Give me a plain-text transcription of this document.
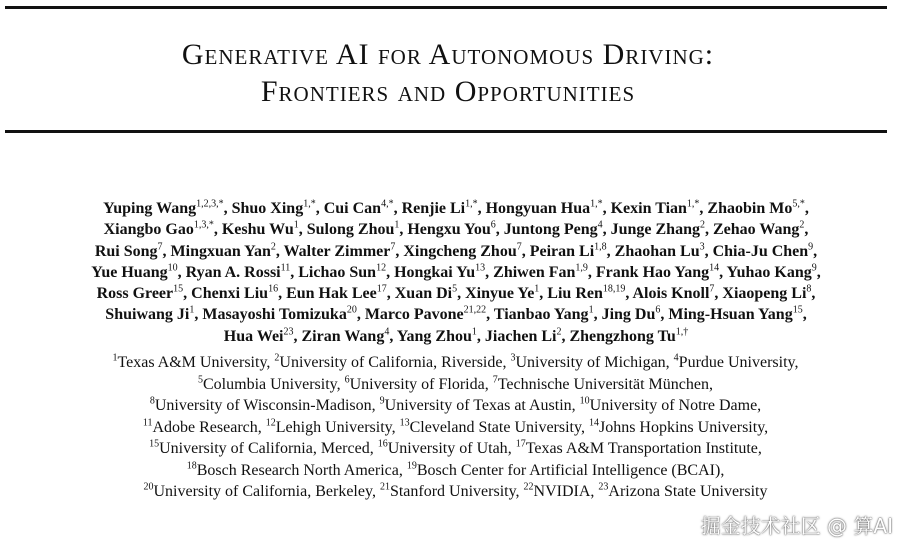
Generative AI for Autonomous Driving:
Frontiers and Opportunities
Yuping Wang$^{1,2,3,*}$, Shuo Xing$^{1,*}$, Cui Can$^{4,*}$, Renjie $Li^{1,*}$, Hongyuan Hua$^{1,*}$, Kexin Tian$^{1,*}$, Zhaobin $Mo^{5,*}$,
Xiangbo Gao$^{1,3,*}$, Keshu Wu$^1$, Sulong Zhou$^1$, Hengxu You$^6$, Juntong Peng$^4$, Junge Zhang$^2$, Zehao Wang$^2$,
Rui Song$^7$, Mingxuan Yan$^2$, Walter Zimmer$^7$, Xingcheng Zhou$^7$, Peiran Li$^{1,8}$, Zhaohan Lu$^3$, Chia-Ju Chen$^9$,
Yue Huang$^{10}$, Ryan A. Rossi$^{11}$, Lichao Sun$^{12}$, Hongkai Yu$^{13}$, Zhiwen Fan$^{1,9}$, Frank Hao Yang$^{14}$, Yuhao Kang$^9$,
Ross Greer$^{15}$, Chenxi Liu$^{16}$, Eun Hak Lee$^{17}$, Xuan Di$^5$, Xinyue Ye$^1$, Liu Ren$^{18,19}$, Alois Knoll$^7$, Xiaopeng Li$^8$,
Shuiwang Ji$^1$, Masayoshi Tomizuka$^{20}$, Marco Pavone$^{21,22}$, Tianbao Yang$^1$, Jing Du$^6$, Ming-Hsuan Yang$^{15}$,
Hua Wei$^{23}$, Ziran Wang$^4$, Yang Zhou$^1$, Jiachen Li$^2$, Zhengzhong $Tu^{1,\dagger}$
$^1$Texas A&M University, $^2$University of California, Riverside, $^3$University of Michigan, $^4$Purdue University,
$^5$Columbia University, $^6$University of Florida, $^7$Technische Universität München,
$^8$University of Wisconsin-Madison, $^9$University of Texas at Austin, $^{10}$University of Notre Dame,
$^{11}$Adobe Research, $^{12}$Lehigh University, $^{13}$Cleveland State University, $^{14}$Johns Hopkins University,
$^{15}$University of California, Merced, $^{16}$University of Utah, $^{17}$Texas A&M Transportation Institute,
$^{18}$Bosch Research North America, $^{19}$Bosch Center for Artificial Intelligence (BCAI),
$^{20}$University of California, Berkeley, $^{21}$Stanford University, $^{22}$NVIDIA, $^{23}$Arizona State University
掘金技术社区 @ 算AI
